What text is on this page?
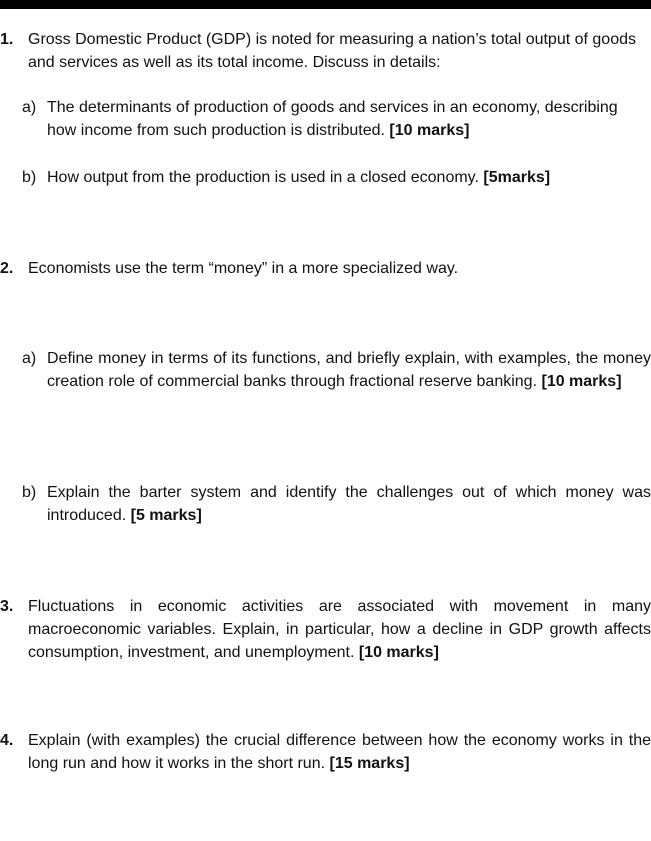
1. Gross Domestic Product (GDP) is noted for measuring a nation’s total output of goods and services as well as its total income. Discuss in details:
a) The determinants of production of goods and services in an economy, describing how income from such production is distributed. [10 marks]
b) How output from the production is used in a closed economy. [5marks]
2. Economists use the term “money” in a more specialized way.
a) Define money in terms of its functions, and briefly explain, with examples, the money creation role of commercial banks through fractional reserve banking. [10 marks]
b) Explain the barter system and identify the challenges out of which money was introduced. [5 marks]
3. Fluctuations in economic activities are associated with movement in many macroeconomic variables. Explain, in particular, how a decline in GDP growth affects consumption, investment, and unemployment. [10 marks]
4. Explain (with examples) the crucial difference between how the economy works in the long run and how it works in the short run. [15 marks]
